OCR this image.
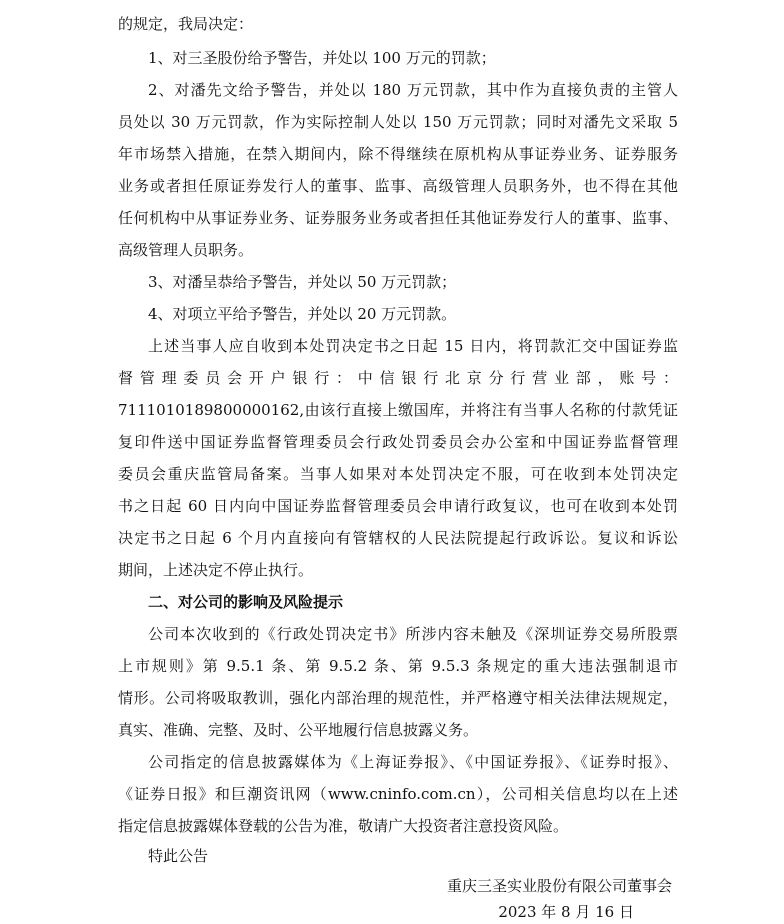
的规定，我局决定：
1、对三圣股份给予警告，并处以 100 万元的罚款；
2、对潘先文给予警告，并处以 180 万元罚款，其中作为直接负责的主管人
员处以 30 万元罚款，作为实际控制人处以 150 万元罚款；同时对潘先文采取 5
年市场禁入措施，在禁入期间内，除不得继续在原机构从事证券业务、证券服务
业务或者担任原证券发行人的董事、监事、高级管理人员职务外，也不得在其他
任何机构中从事证券业务、证券服务业务或者担任其他证券发行人的董事、监事、
高级管理人员职务。
3、对潘呈恭给予警告，并处以 50 万元罚款；
4、对项立平给予警告，并处以 20 万元罚款。
上述当事人应自收到本处罚决定书之日起 15 日内，将罚款汇交中国证券监
督管理委员会开户银行：中信银行北京分行营业部，账号：
7111010189800000162,由该行直接上缴国库，并将注有当事人名称的付款凭证
复印件送中国证券监督管理委员会行政处罚委员会办公室和中国证券监督管理
委员会重庆监管局备案。当事人如果对本处罚决定不服，可在收到本处罚决定
书之日起 60 日内向中国证券监督管理委员会申请行政复议，也可在收到本处罚
决定书之日起 6 个月内直接向有管辖权的人民法院提起行政诉讼。复议和诉讼
期间，上述决定不停止执行。
二、对公司的影响及风险提示
公司本次收到的《行政处罚决定书》所涉内容未触及《深圳证券交易所股票
上市规则》第 9.5.1 条、第 9.5.2 条、第 9.5.3 条规定的重大违法强制退市
情形。公司将吸取教训，强化内部治理的规范性，并严格遵守相关法律法规规定，
真实、准确、完整、及时、公平地履行信息披露义务。
公司指定的信息披露媒体为《上海证券报》、《中国证券报》、《证券时报》、
《证券日报》和巨潮资讯网（www.cninfo.com.cn），公司相关信息均以在上述
指定信息披露媒体登载的公告为准，敬请广大投资者注意投资风险。
特此公告
重庆三圣实业股份有限公司董事会
2023 年 8 月 16 日
